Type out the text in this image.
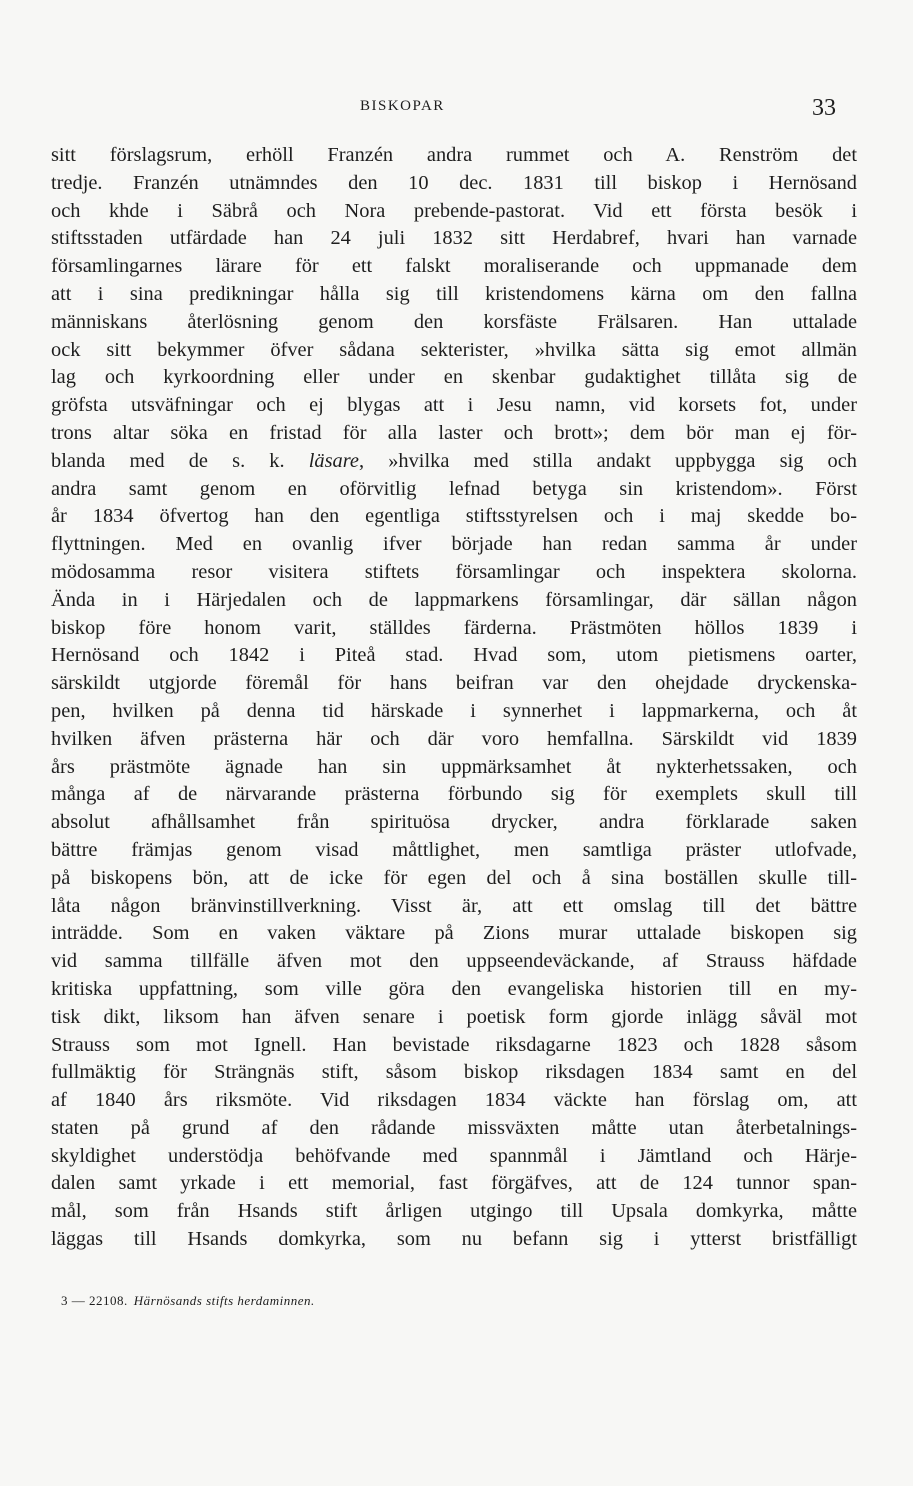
BISKOPAR	33
sitt förslagsrum, erhöll Franzén andra rummet och A. Renström det
tredje. Franzén utnämndes den 10 dec. 1831 till biskop i Hernösand
och khde i Säbrå och Nora prebende-pastorat. Vid ett första besök i
stiftsstaden utfärdade han 24 juli 1832 sitt Herdabref, hvari han varnade
församlingarnes lärare för ett falskt moraliserande och uppmanade dem
att i sina predikningar hålla sig till kristendomens kärna om den fallna
människans återlösning genom den korsfäste Frälsaren. Han uttalade
ock sitt bekymmer öfver sådana sekterister, »hvilka sätta sig emot allmän
lag och kyrkoordning eller under en skenbar gudaktighet tillåta sig de
gröfsta utsväfningar och ej blygas att i Jesu namn, vid korsets fot, under
trons altar söka en fristad för alla laster och brott»; dem bör man ej för-
blanda med de s. k. läsare, »hvilka med stilla andakt uppbygga sig och
andra samt genom en oförvitlig lefnad betyga sin kristendom». Först
år 1834 öfvertog han den egentliga stiftsstyrelsen och i maj skedde bo-
flyttningen. Med en ovanlig ifver började han redan samma år under
mödosamma resor visitera stiftets församlingar och inspektera skolorna.
Ända in i Härjedalen och de lappmarkens församlingar, där sällan någon
biskop före honom varit, ställdes färderna. Prästmöten höllos 1839 i
Hernösand och 1842 i Piteå stad. Hvad som, utom pietismens oarter,
särskildt utgjorde föremål för hans beifran var den ohejdade dryckenska-
pen, hvilken på denna tid härskade i synnerhet i lappmarkerna, och åt
hvilken äfven prästerna här och där voro hemfallna. Särskildt vid 1839
års prästmöte ägnade han sin uppmärksamhet åt nykterhetssaken, och
många af de närvarande prästerna förbundo sig för exemplets skull till
absolut afhållsamhet från spirituösa drycker, andra förklarade saken
bättre främjas genom visad måttlighet, men samtliga präster utlofvade,
på biskopens bön, att de icke för egen del och å sina boställen skulle till-
låta någon bränvinstillverkning. Visst är, att ett omslag till det bättre
inträdde. Som en vaken väktare på Zions murar uttalade biskopen sig
vid samma tillfälle äfven mot den uppseendeväckande, af Strauss häfdade
kritiska uppfattning, som ville göra den evangeliska historien till en my-
tisk dikt, liksom han äfven senare i poetisk form gjorde inlägg såväl mot
Strauss som mot Ignell. Han bevistade riksdagarne 1823 och 1828 såsom
fullmäktig för Strängnäs stift, såsom biskop riksdagen 1834 samt en del
af 1840 års riksmöte. Vid riksdagen 1834 väckte han förslag om, att
staten på grund af den rådande missväxten måtte utan återbetalnings-
skyldighet understödja behöfvande med spannmål i Jämtland och Härje-
dalen samt yrkade i ett memorial, fast förgäfves, att de 124 tunnor span-
mål, som från Hsands stift årligen utgingo till Upsala domkyrka, måtte
läggas till Hsands domkyrka, som nu befann sig i ytterst bristfälligt
3 — 22108. Härnösands stifts herdaminnen.
